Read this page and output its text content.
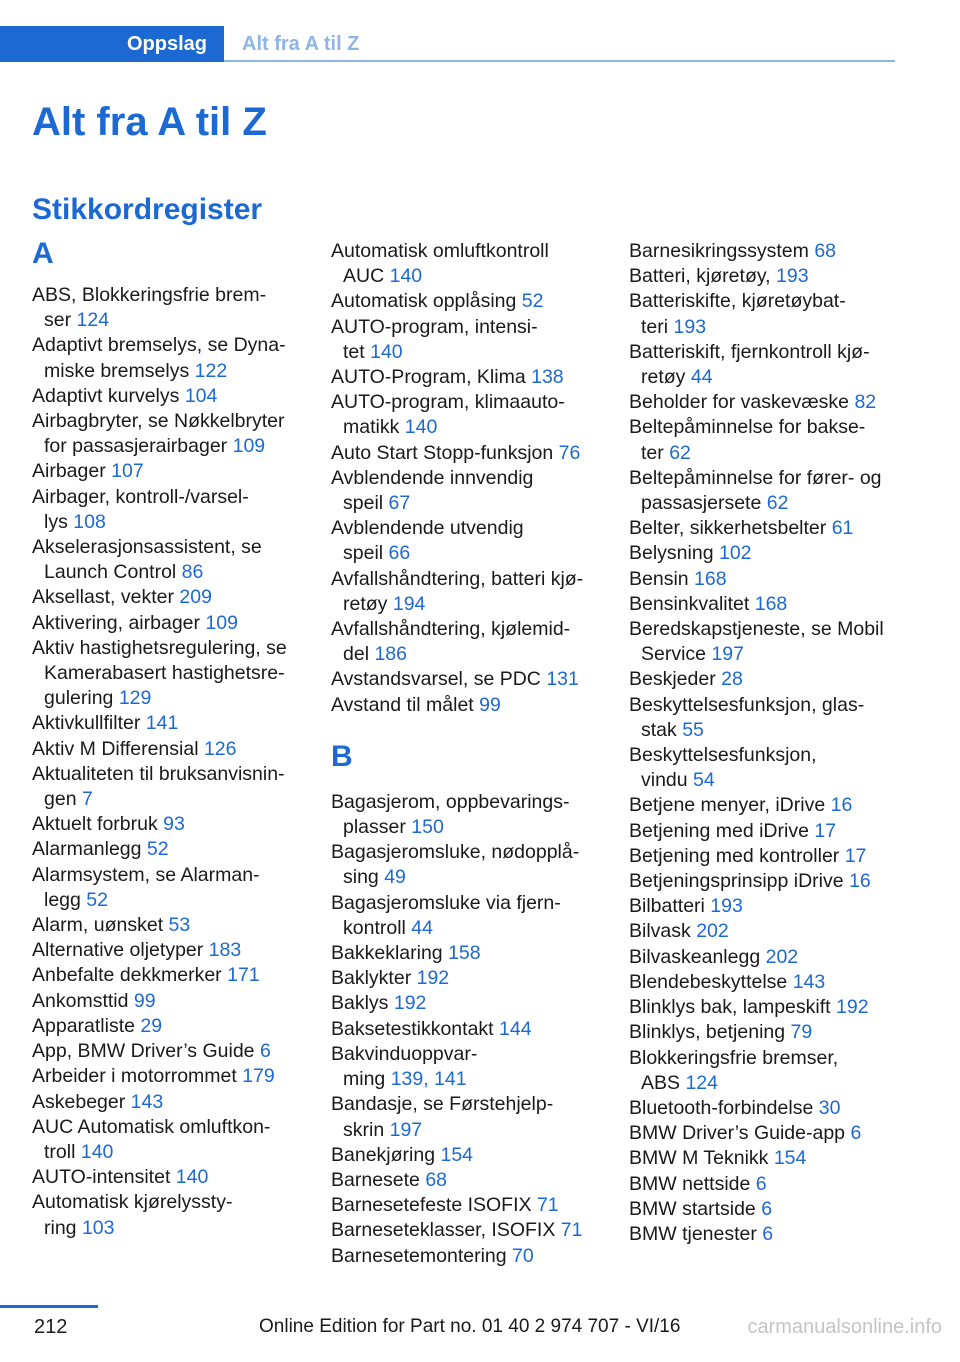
Oppslag	Alt fra A til Z
Alt fra A til Z
Stikkordregister
A
ABS, Blokkeringsfrie brem-
ser 124
Adaptivt bremselys, se Dyna-
miske bremselys 122
Adaptivt kurvelys 104
Airbagbryter, se Nøkkelbryter
for passasjerairbager 109
Airbager 107
Airbager, kontroll-/varsel-
lys 108
Akselerasjonsassistent, se
Launch Control 86
Aksellast, vekter 209
Aktivering, airbager 109
Aktiv hastighetsregulering, se
Kamerabasert hastighetsre-
gulering 129
Aktivkullfilter 141
Aktiv M Differensial 126
Aktualiteten til bruksanvisnin-
gen 7
Aktuelt forbruk 93
Alarmanlegg 52
Alarmsystem, se Alarman-
legg 52
Alarm, uønsket 53
Alternative oljetyper 183
Anbefalte dekkmerker 171
Ankomsttid 99
Apparatliste 29
App, BMW Driver’s Guide 6
Arbeider i motorrommet 179
Askebeger 143
AUC Automatisk omluftkon-
troll 140
AUTO-intensitet 140
Automatisk kjørelyssty-
ring 103
Automatisk omluftkontroll
AUC 140
Automatisk opplåsing 52
AUTO-program, intensi-
tet 140
AUTO-Program, Klima 138
AUTO-program, klimaauto-
matikk 140
Auto Start Stopp-funksjon 76
Avblendende innvendig
speil 67
Avblendende utvendig
speil 66
Avfallshåndtering, batteri kjø-
retøy 194
Avfallshåndtering, kjølemid-
del 186
Avstandsvarsel, se PDC 131
Avstand til målet 99
B
Bagasjerom, oppbevarings-
plasser 150
Bagasjeromsluke, nødopplå-
sing 49
Bagasjeromsluke via fjern-
kontroll 44
Bakkeklaring 158
Baklykter 192
Baklys 192
Baksetestikkontakt 144
Bakvinduoppvar-
ming 139, 141
Bandasje, se Førstehjelp-
skrin 197
Banekjøring 154
Barnesete 68
Barnesetefeste ISOFIX 71
Barneseteklasser, ISOFIX 71
Barnesetemontering 70
Barnesikringssystem 68
Batteri, kjøretøy, 193
Batteriskifte, kjøretøybat-
teri 193
Batteriskift, fjernkontroll kjø-
retøy 44
Beholder for vaskevæske 82
Beltepåminnelse for bakse-
ter 62
Beltepåminnelse for fører- og
passasjersete 62
Belter, sikkerhetsbelter 61
Belysning 102
Bensin 168
Bensinkvalitet 168
Beredskapstjeneste, se Mobil
Service 197
Beskjeder 28
Beskyttelsesfunksjon, glas-
stak 55
Beskyttelsesfunksjon,
vindu 54
Betjene menyer, iDrive 16
Betjening med iDrive 17
Betjening med kontroller 17
Betjeningsprinsipp iDrive 16
Bilbatteri 193
Bilvask 202
Bilvaskeanlegg 202
Blendebeskyttelse 143
Blinklys bak, lampeskift 192
Blinklys, betjening 79
Blokkeringsfrie bremser,
ABS 124
Bluetooth-forbindelse 30
BMW Driver’s Guide-app 6
BMW M Teknikk 154
BMW nettside 6
BMW startside 6
BMW tjenester 6
212	Online Edition for Part no. 01 40 2 974 707 - VI/16	carmanualsonline.info
